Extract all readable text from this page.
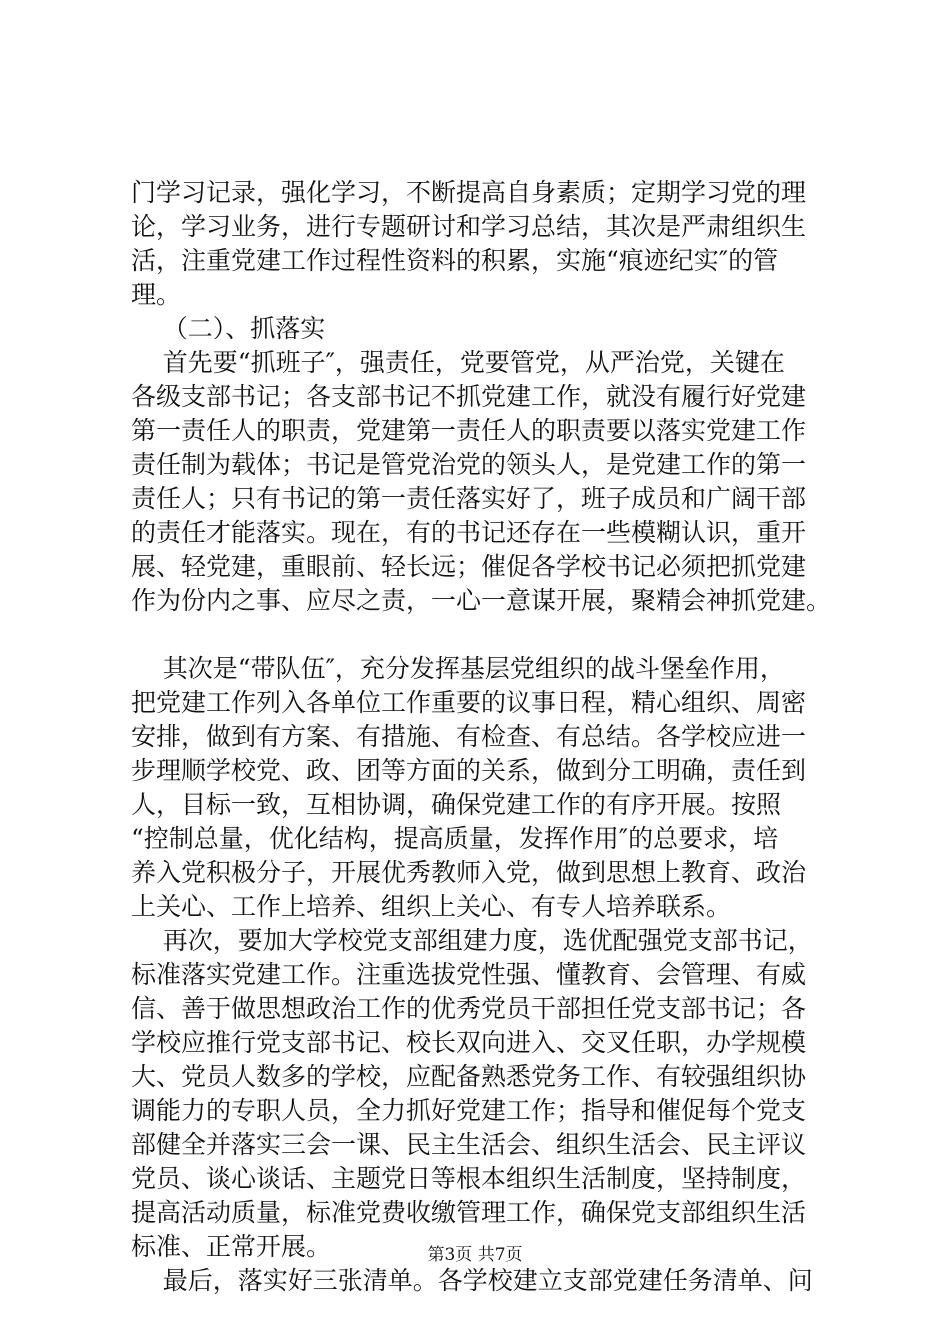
门学习记录，强化学习，不断提高自身素质；定期学习党的理
论，学习业务，进行专题研讨和学习总结，其次是严肃组织生
活，注重党建工作过程性资料的积累，实施“痕迹纪实″的管
理。
（二）、抓落实
首先要“抓班子″，强责任，党要管党，从严治党，关键在
各级支部书记；各支部书记不抓党建工作，就没有履行好党建
第一责任人的职责，党建第一责任人的职责要以落实党建工作
责任制为载体；书记是管党治党的领头人，是党建工作的第一
责任人；只有书记的第一责任落实好了，班子成员和广阔干部
的责任才能落实。现在，有的书记还存在一些模糊认识，重开
展、轻党建，重眼前、轻长远；催促各学校书记必须把抓党建
作为份内之事、应尽之责，一心一意谋开展，聚精会神抓党建。
其次是“带队伍″，充分发挥基层党组织的战斗堡垒作用，
把党建工作列入各单位工作重要的议事日程，精心组织、周密
安排，做到有方案、有措施、有检查、有总结。各学校应进一
步理顺学校党、政、团等方面的关系，做到分工明确，责任到
人，目标一致，互相协调，确保党建工作的有序开展。按照
“控制总量，优化结构，提高质量，发挥作用″的总要求，培
养入党积极分子，开展优秀教师入党，做到思想上教育、政治
上关心、工作上培养、组织上关心、有专人培养联系。
再次，要加大学校党支部组建力度，选优配强党支部书记，
标准落实党建工作。注重选拔党性强、懂教育、会管理、有威
信、善于做思想政治工作的优秀党员干部担任党支部书记；各
学校应推行党支部书记、校长双向进入、交叉任职，办学规模
大、党员人数多的学校，应配备熟悉党务工作、有较强组织协
调能力的专职人员，全力抓好党建工作；指导和催促每个党支
部健全并落实三会一课、民主生活会、组织生活会、民主评议
党员、谈心谈话、主题党日等根本组织生活制度，坚持制度，
提高活动质量，标准党费收缴管理工作，确保党支部组织生活
标准、正常开展。
最后，落实好三张清单。各学校建立支部党建任务清单、问
第3页 共7页
